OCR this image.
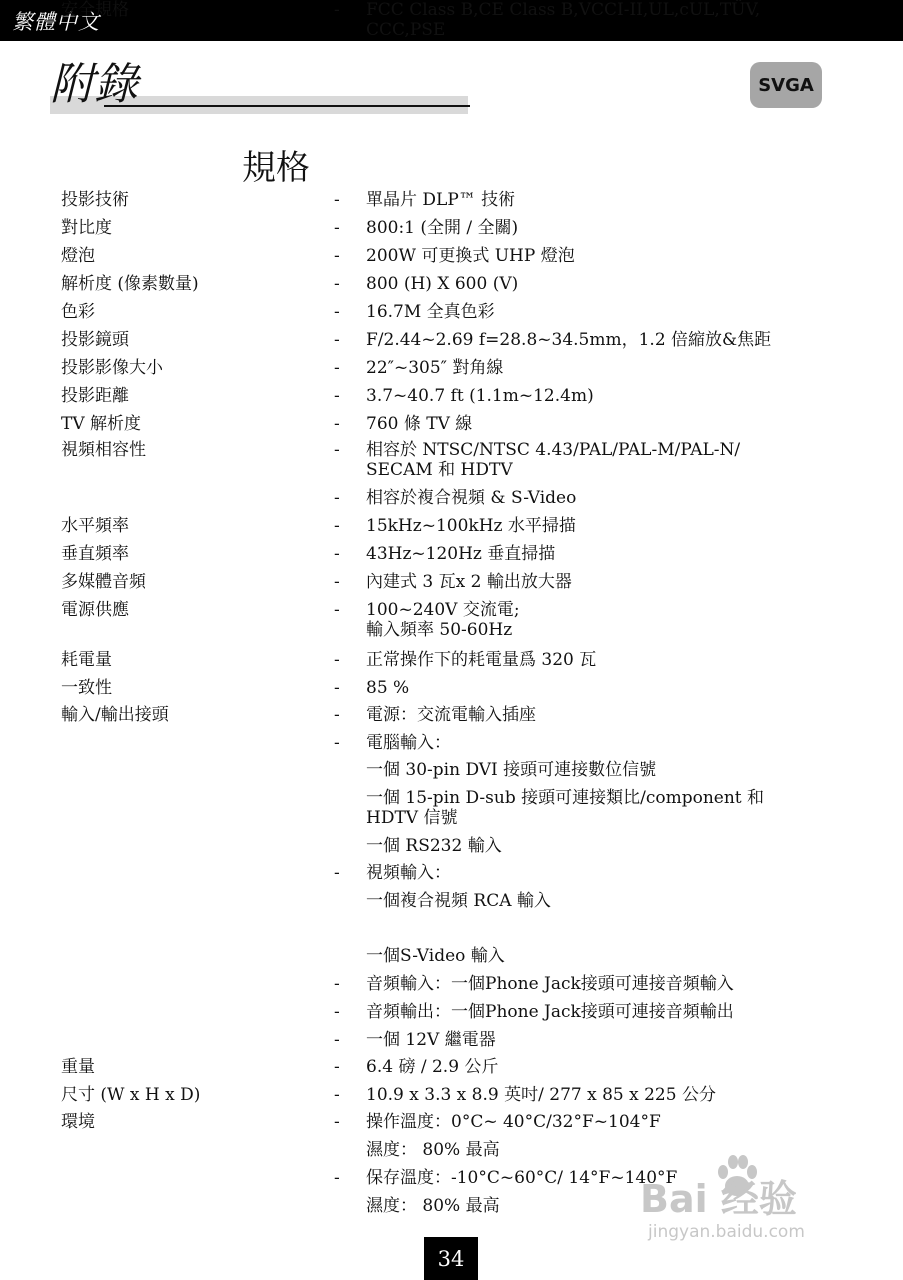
繁體中文
附錄	SVGA
規格
投影技術	- 單晶片 DLP™ 技術
對比度	- 800:1 (全開 / 全關)
燈泡	- 200W 可更換式 UHP 燈泡
解析度 (像素數量)	- 800 (H) X 600 (V)
色彩	- 16.7M 全真色彩
投影鏡頭	- F/2.44~2.69 f=28.8~34.5mm，1.2 倍縮放&焦距
投影影像大小	- 22″~305″ 對角線
投影距離	- 3.7~40.7 ft (1.1m~12.4m)
TV 解析度	- 760 條 TV 線
視頻相容性	- 相容於 NTSC/NTSC 4.43/PAL/PAL-M/PAL-N/ SECAM 和 HDTV
- 相容於複合視頻 & S-Video
水平頻率	- 15kHz~100kHz 水平掃描
垂直頻率	- 43Hz~120Hz 垂直掃描
多媒體音頻	- 內建式 3 瓦x 2 輸出放大器
電源供應	- 100~240V 交流電;
輸入頻率 50-60Hz
耗電量	- 正常操作下的耗電量爲 320 瓦
一致性	- 85 %
輸入/輸出接頭	- 電源：交流電輸入插座
- 電腦輸入：
一個 30-pin DVI 接頭可連接數位信號
一個 15-pin D-sub 接頭可連接類比/component 和 HDTV 信號
一個 RS232 輸入
- 視頻輸入：
一個複合視頻 RCA 輸入
一個S-Video 輸入
- 音頻輸入：一個Phone Jack接頭可連接音頻輸入
- 音頻輸出：一個Phone Jack接頭可連接音頻輸出
- 一個 12V 繼電器
重量	- 6.4 磅 / 2.9 公斤
尺寸 (W x H x D)	- 10.9 x 3.3 x 8.9 英吋/ 277 x 85 x 225 公分
環境	- 操作溫度：0°C~ 40°C/32°F~104°F
濕度： 80% 最高
- 保存溫度：-10°C~60°C/ 14°F~140°F
濕度： 80% 最高
安全規格	- FCC Class B,CE Class B,VCCI-II,UL,cUL,TÜV, CCC,PSE
Bai 经验
jingyan.baidu.com
34
